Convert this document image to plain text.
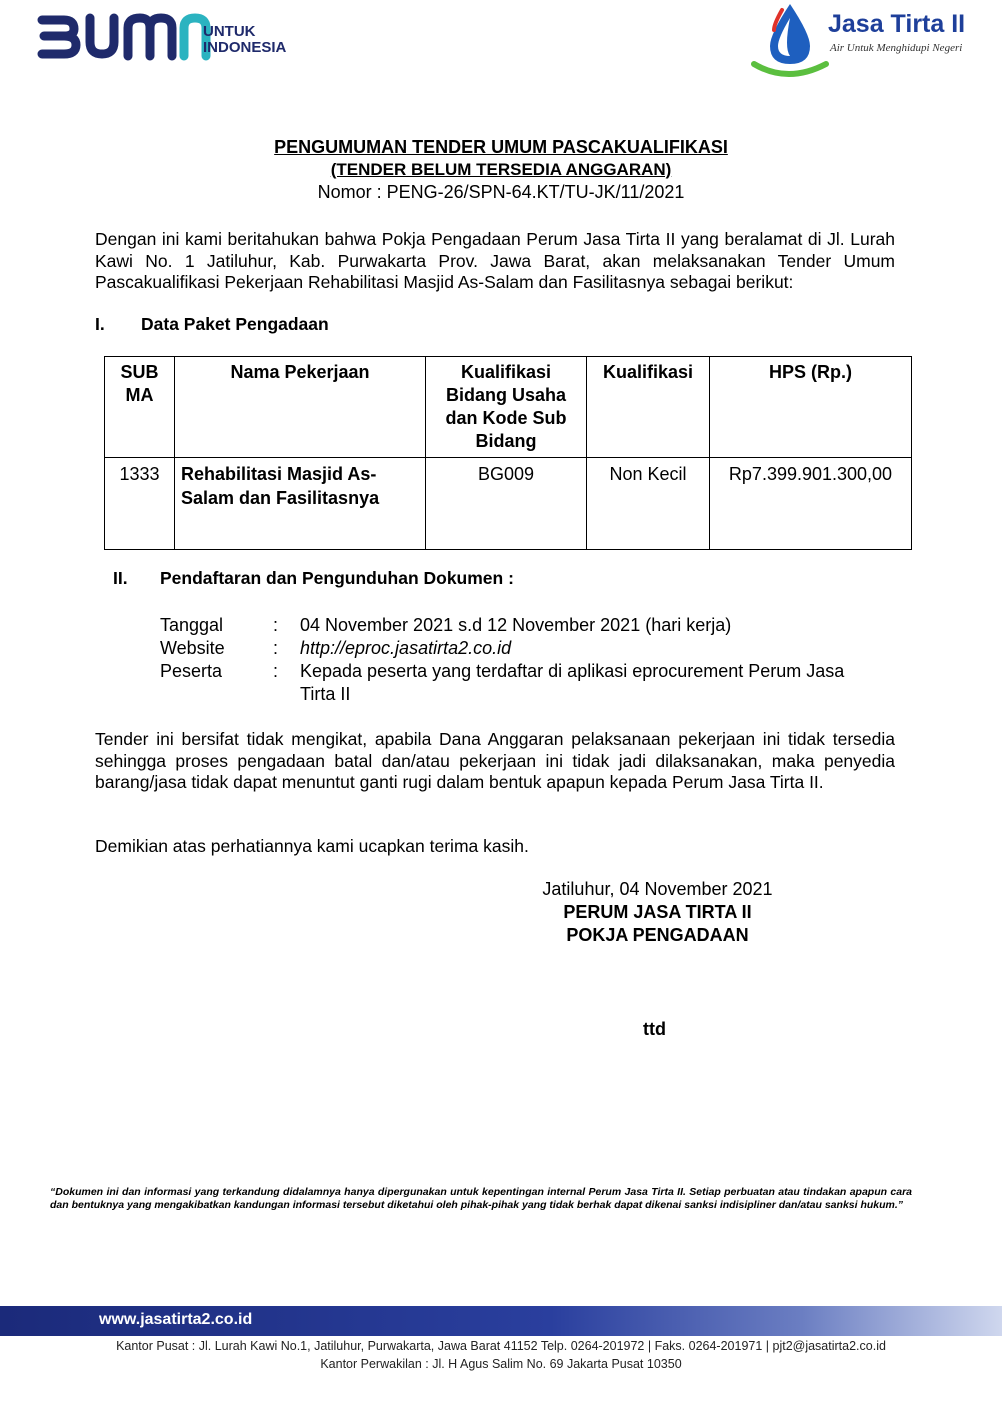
UNTUK
INDONESIA
Jasa Tirta II
Air Untuk Menghidupi Negeri
PENGUMUMAN TENDER UMUM PASCAKUALIFIKASI
(TENDER BELUM TERSEDIA ANGGARAN)
Nomor : PENG-26/SPN-64.KT/TU-JK/11/2021
Dengan ini kami beritahukan bahwa Pokja Pengadaan Perum Jasa Tirta II yang beralamat di Jl. Lurah Kawi No. 1 Jatiluhur, Kab. Purwakarta Prov. Jawa Barat, akan melaksanakan Tender Umum Pascakualifikasi Pekerjaan Rehabilitasi Masjid As-Salam dan Fasilitasnya sebagai berikut:
I. Data Paket Pengadaan
SUB MA	Nama Pekerjaan	Kualifikasi Bidang Usaha dan Kode Sub Bidang	Kualifikasi	HPS (Rp.)
1333	Rehabilitasi Masjid As-Salam dan Fasilitasnya	BG009	Non Kecil	Rp7.399.901.300,00
II. Pendaftaran dan Pengunduhan Dokumen :
Tanggal	: 04 November 2021 s.d 12 November 2021 (hari kerja)
Website	: http://eproc.jasatirta2.co.id
Peserta	: Kepada peserta yang terdaftar di aplikasi eprocurement Perum Jasa Tirta II
Tender ini bersifat tidak mengikat, apabila Dana Anggaran pelaksanaan pekerjaan ini tidak tersedia sehingga proses pengadaan batal dan/atau pekerjaan ini tidak jadi dilaksanakan, maka penyedia barang/jasa tidak dapat menuntut ganti rugi dalam bentuk apapun kepada Perum Jasa Tirta II.
Demikian atas perhatiannya kami ucapkan terima kasih.
Jatiluhur, 04 November 2021
PERUM JASA TIRTA II
POKJA PENGADAAN
ttd
“Dokumen ini dan informasi yang terkandung didalamnya hanya dipergunakan untuk kepentingan internal Perum Jasa Tirta II. Setiap perbuatan atau tindakan apapun cara dan bentuknya yang mengakibatkan kandungan informasi tersebut diketahui oleh pihak-pihak yang tidak berhak dapat dikenai sanksi indisipliner dan/atau sanksi hukum.”
www.jasatirta2.co.id
Kantor Pusat : Jl. Lurah Kawi No.1, Jatiluhur, Purwakarta, Jawa Barat 41152 Telp. 0264-201972 | Faks. 0264-201971 | pjt2@jasatirta2.co.id
Kantor Perwakilan : Jl. H Agus Salim No. 69 Jakarta Pusat 10350
